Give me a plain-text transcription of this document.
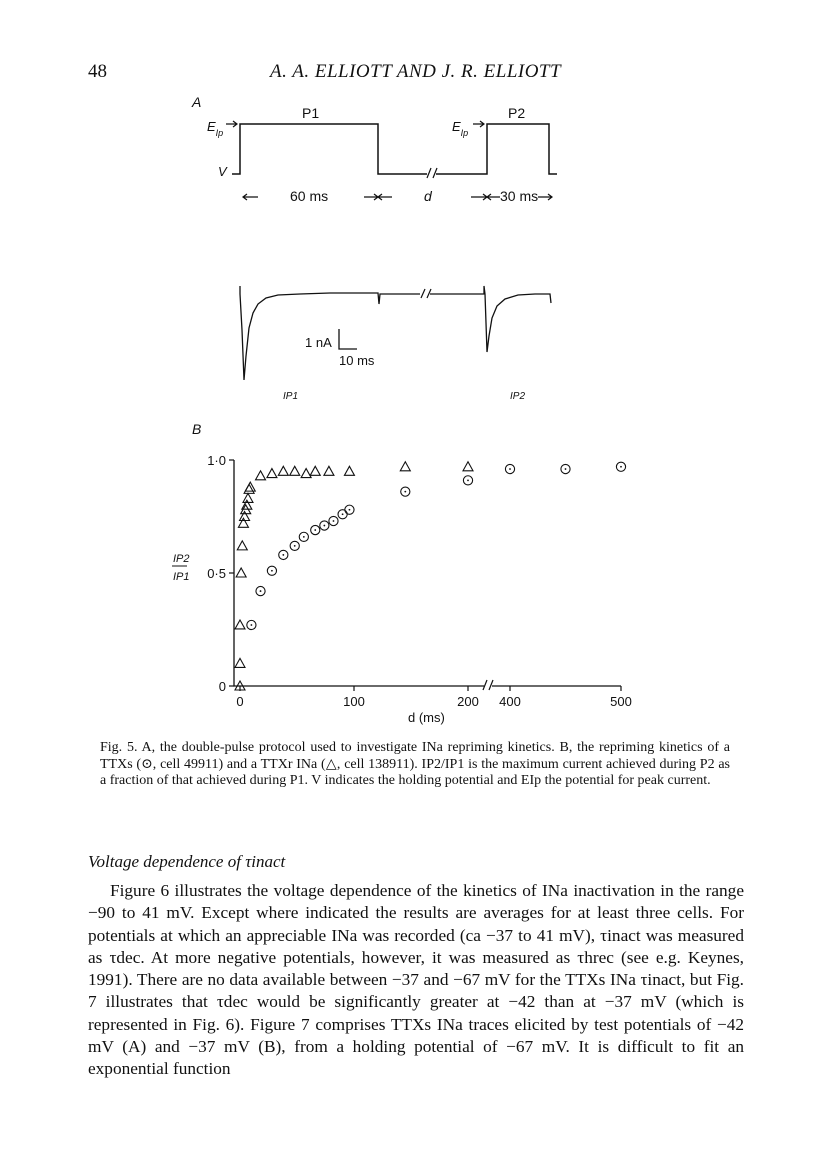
48	A. A. ELLIOTT AND J. R. ELLIOTT
A
$E_{Ip}$
V
P1	P2
$E_{Ip}$
60 ms	d	30 ms
1 nA
10 ms
IP1	IP2
B
0
0·5
1·0
0	100	200 400	500
IP2
IP1
d (ms)
Fig. 5. A, the double-pulse protocol used to investigate INa repriming kinetics. B, the repriming kinetics of a TTXs (⊙, cell 49911) and a TTXr INa (△, cell 138911). IP2/IP1 is the maximum current achieved during P2 as a fraction of that achieved during P1. V indicates the holding potential and EIp the potential for peak current.
Voltage dependence of τinact

Figure 6 illustrates the voltage dependence of the kinetics of INa inactivation in the range −90 to 41 mV. Except where indicated the results are averages for at least three cells. For potentials at which an appreciable INa was recorded (ca −37 to 41 mV), τinact was measured as τdec. At more negative potentials, however, it was measured as τhrec (see e.g. Keynes, 1991). There are no data available between −37 and −67 mV for the TTXs INa τinact, but Fig. 7 illustrates that τdec would be significantly greater at −42 than at −37 mV (which is represented in Fig. 6). Figure 7 comprises TTXs INa traces elicited by test potentials of −42 mV (A) and −37 mV (B), from a holding potential of −67 mV. It is difficult to fit an exponential function
